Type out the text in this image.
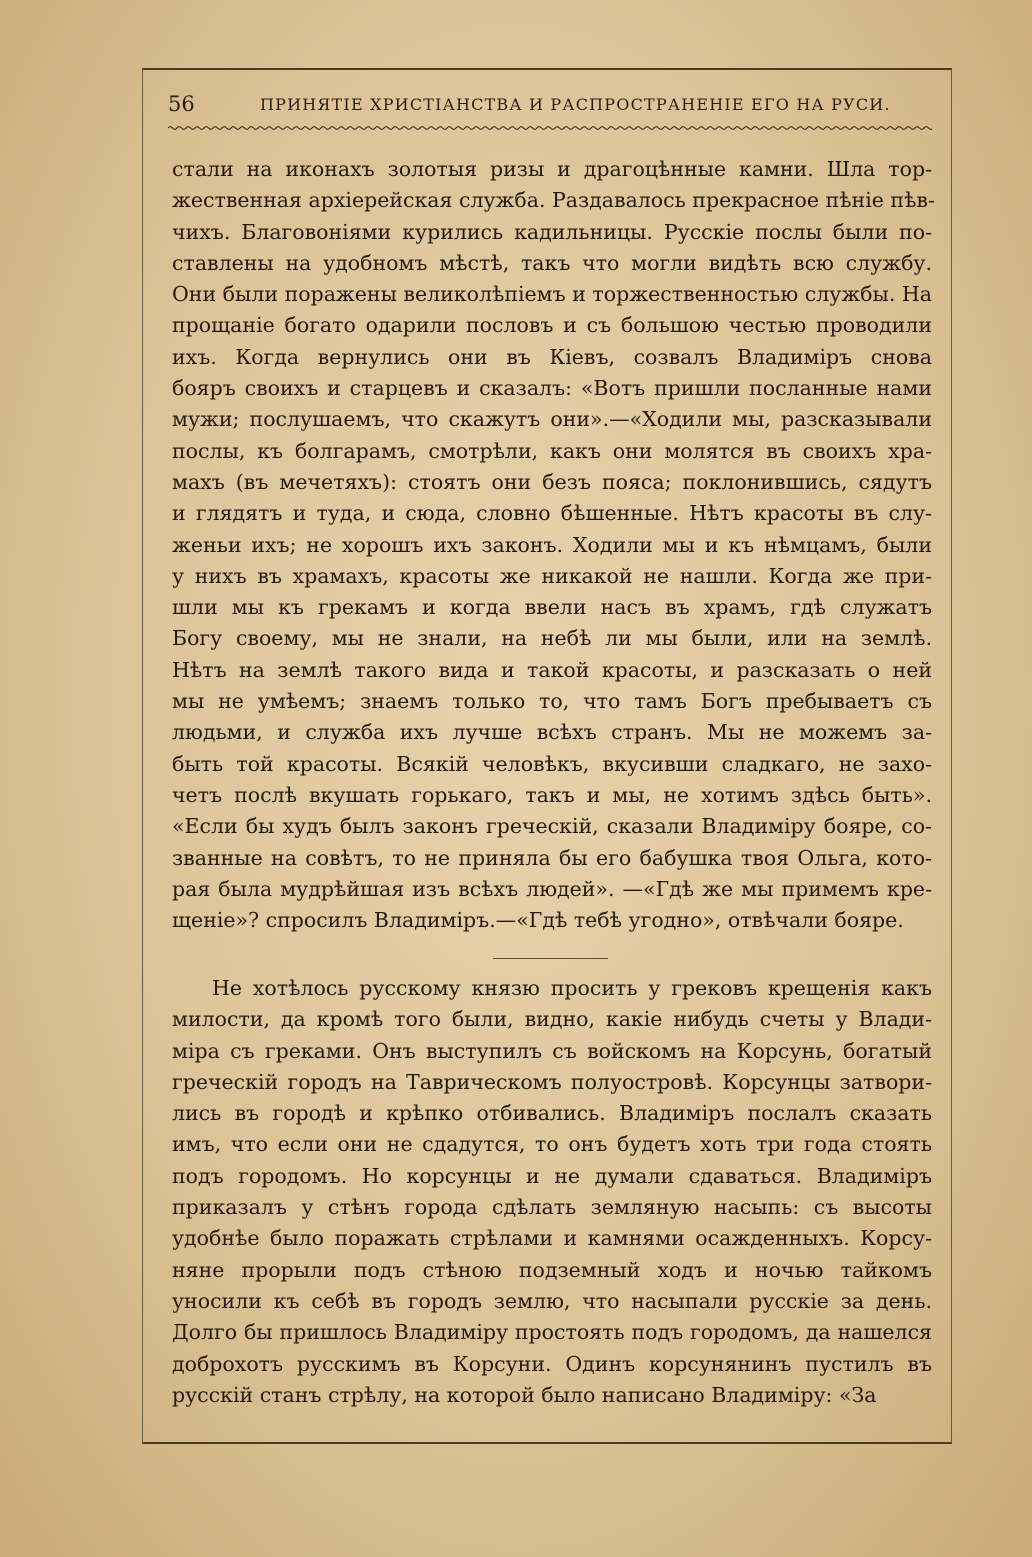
56	ПРИНЯТІЕ ХРИСТІАНСТВА И РАСПРОСТРАНЕНІЕ ЕГО НА РУСИ.
стали на иконахъ золотыя ризы и драгоцѣнные камни. Шла тор-
жественная архіерейская служба. Раздавалось прекрасное пѣніе пѣв-
чихъ. Благовоніями курились кадильницы. Русскіе послы были по-
ставлены на удобномъ мѣстѣ, такъ что могли видѣть всю службу.
Они были поражены великолѣпіемъ и торжественностью службы. На
прощаніе богато одарили пословъ и съ большою честью проводили
ихъ. Когда вернулись они въ Кіевъ, созвалъ Владиміръ снова
бояръ своихъ и старцевъ и сказалъ: «Вотъ пришли посланные нами
мужи; послушаемъ, что скажутъ они».—«Ходили мы, разсказывали
послы, къ болгарамъ, смотрѣли, какъ они молятся въ своихъ хра-
махъ (въ мечетяхъ): стоятъ они безъ пояса; поклонившись, сядутъ
и глядятъ и туда, и сюда, словно бѣшенные. Нѣтъ красоты въ слу-
женьи ихъ; не хорошъ ихъ законъ. Ходили мы и къ нѣмцамъ, были
у нихъ въ храмахъ, красоты же никакой не нашли. Когда же при-
шли мы къ грекамъ и когда ввели насъ въ храмъ, гдѣ служатъ
Богу своему, мы не знали, на небѣ ли мы были, или на землѣ.
Нѣтъ на землѣ такого вида и такой красоты, и разсказать о ней
мы не умѣемъ; знаемъ только то, что тамъ Богъ пребываетъ съ
людьми, и служба ихъ лучше всѣхъ странъ. Мы не можемъ за-
быть той красоты. Всякій человѣкъ, вкусивши сладкаго, не захо-
четъ послѣ вкушать горькаго, такъ и мы, не хотимъ здѣсь быть».
«Если бы худъ былъ законъ греческій, сказали Владиміру бояре, со-
званные на совѣтъ, то не приняла бы его бабушка твоя Ольга, кото-
рая была мудрѣйшая изъ всѣхъ людей». —«Гдѣ же мы примемъ кре-
щеніе»? спросилъ Владиміръ.—«Гдѣ тебѣ угодно», отвѣчали бояре.
Не хотѣлось русскому князю просить у грековъ крещенія какъ
милости, да кромѣ того были, видно, какіе нибудь счеты у Влади-
міра съ греками. Онъ выступилъ съ войскомъ на Корсунь, богатый
греческій городъ на Таврическомъ полуостровѣ. Корсунцы затвори-
лись въ городѣ и крѣпко отбивались. Владиміръ послалъ сказать
имъ, что если они не сдадутся, то онъ будетъ хоть три года стоять
подъ городомъ. Но корсунцы и не думали сдаваться. Владиміръ
приказалъ у стѣнъ города сдѣлать земляную насыпь: съ высоты
удобнѣе было поражать стрѣлами и камнями осажденныхъ. Корсу-
няне прорыли подъ стѣною подземный ходъ и ночью тайкомъ
уносили къ себѣ въ городъ землю, что насыпали русскіе за день.
Долго бы пришлось Владиміру простоять подъ городомъ, да нашелся
доброхотъ русскимъ въ Корсуни. Одинъ корсунянинъ пустилъ въ
русскій станъ стрѣлу, на которой было написано Владиміру: «За
